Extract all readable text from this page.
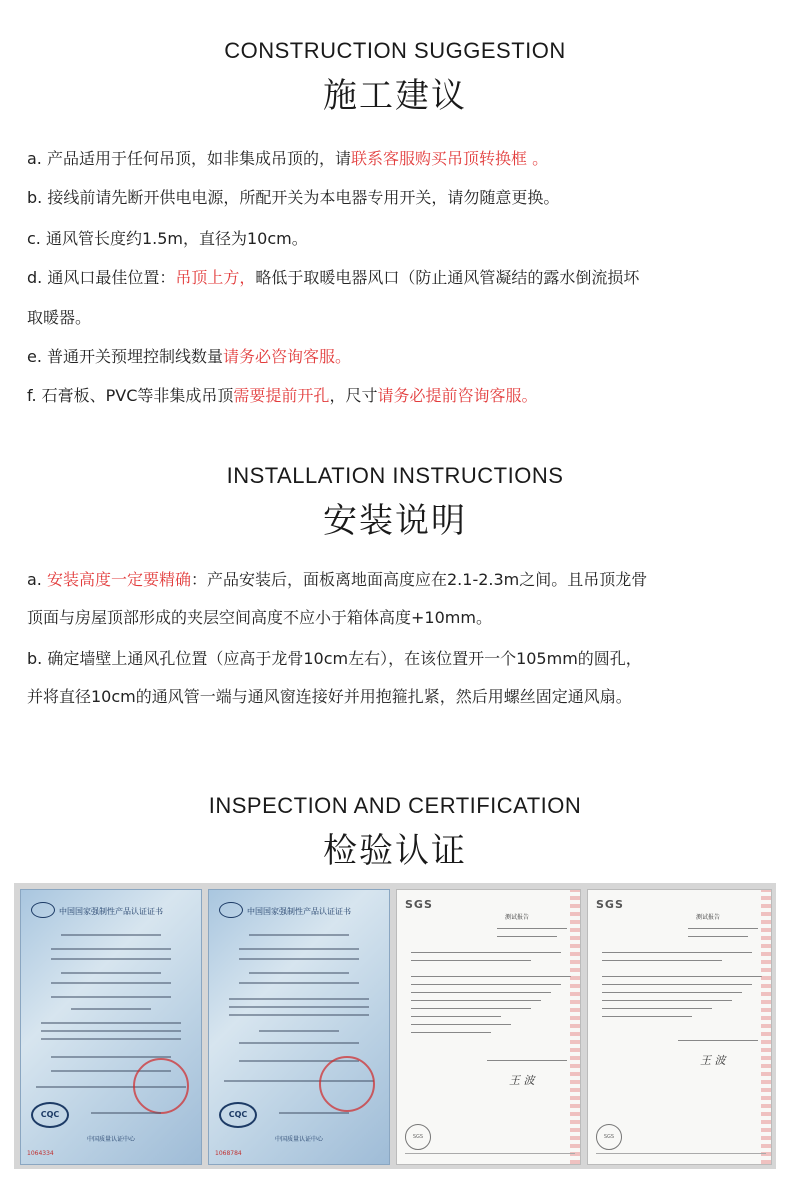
CONSTRUCTION SUGGESTION
施工建议
a. 产品适用于任何吊顶，如非集成吊顶的，请联系客服购买吊顶转换框 。
b. 接线前请先断开供电电源，所配开关为本电器专用开关，请勿随意更换。
c. 通风管长度约1.5m，直径为10cm。
d. 通风口最佳位置：吊顶上方，略低于取暖电器风口（防止通风管凝结的露水倒流损坏
取暖器。
e. 普通开关预埋控制线数量请务必咨询客服。
f. 石膏板、PVC等非集成吊顶需要提前开孔，尺寸请务必提前咨询客服。
INSTALLATION INSTRUCTIONS
安装说明
a. 安装高度一定要精确：产品安装后，面板离地面高度应在2.1-2.3m之间。且吊顶龙骨
顶面与房屋顶部形成的夹层空间高度不应小于箱体高度+10mm。
b. 确定墙壁上通风孔位置（应高于龙骨10cm左右），在该位置开一个105mm的圆孔，
并将直径10cm的通风管一端与通风窗连接好并用抱箍扎紧，然后用螺丝固定通风扇。
INSPECTION AND CERTIFICATION
检验认证
中国国家强制性产品认证证书
CQC
中国质量认证中心
1064334
中国国家强制性产品认证证书
CQC
中国质量认证中心
1068784
SGS
测试报告
王 波
SGS
SGS
测试报告
王 波
SGS
